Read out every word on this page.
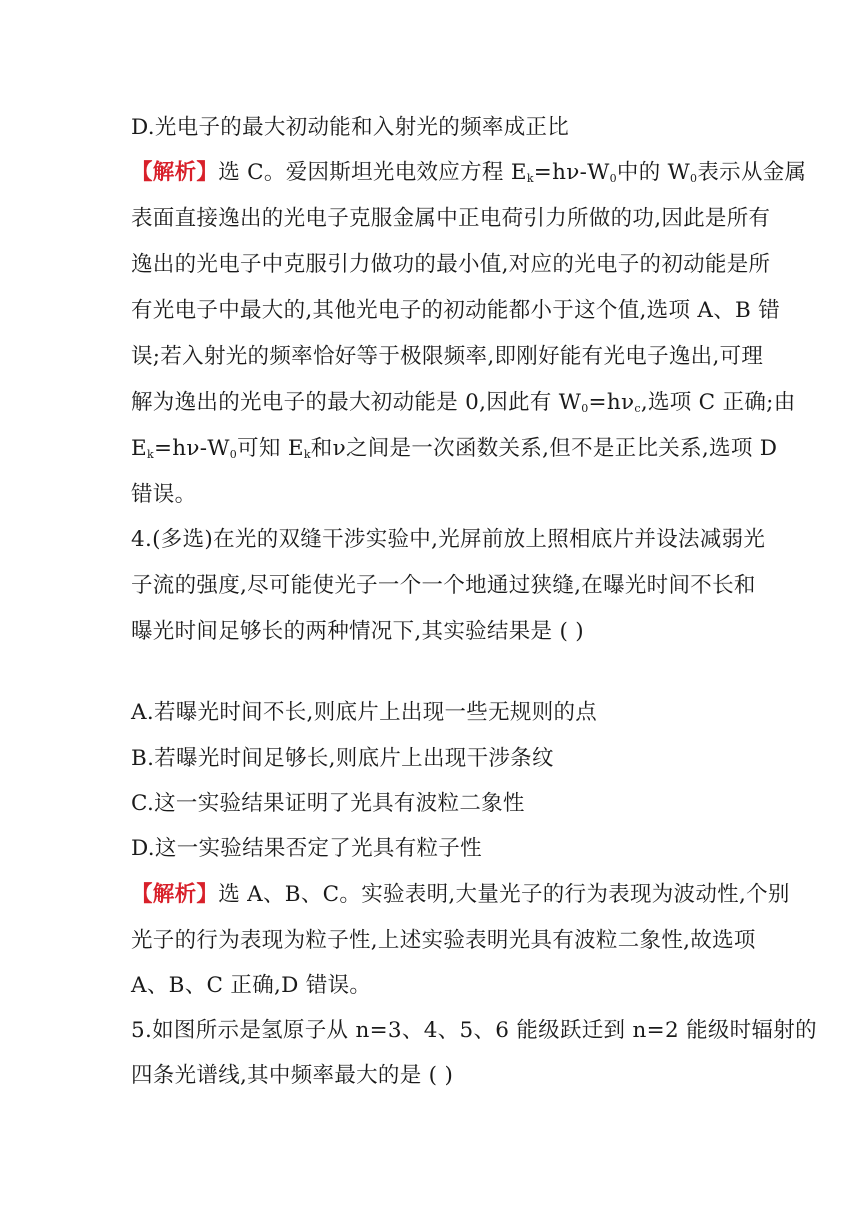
D.光电子的最大初动能和入射光的频率成正比
【解析】选 C。爱因斯坦光电效应方程 $E_k=h\nu-W_0$中的 $W_0$表示从金属
表面直接逸出的光电子克服金属中正电荷引力所做的功,因此是所有
逸出的光电子中克服引力做功的最小值,对应的光电子的初动能是所
有光电子中最大的,其他光电子的初动能都小于这个值,选项 A、B 错
误;若入射光的频率恰好等于极限频率,即刚好能有光电子逸出,可理
解为逸出的光电子的最大初动能是 0,因此有 $W_0=h\nu_c$,选项 C 正确;由
$E_k=h\nu-W_0$可知 $E_k$和ν之间是一次函数关系,但不是正比关系,选项 D
错误。
4.(多选)在光的双缝干涉实验中,光屏前放上照相底片并设法减弱光
子流的强度,尽可能使光子一个一个地通过狭缝,在曝光时间不长和
曝光时间足够长的两种情况下,其实验结果是 ( )
A.若曝光时间不长,则底片上出现一些无规则的点
B.若曝光时间足够长,则底片上出现干涉条纹
C.这一实验结果证明了光具有波粒二象性
D.这一实验结果否定了光具有粒子性
【解析】选 A、B、C。实验表明,大量光子的行为表现为波动性,个别
光子的行为表现为粒子性,上述实验表明光具有波粒二象性,故选项
A、B、C 正确,D 错误。
5.如图所示是氢原子从 n=3、4、5、6 能级跃迁到 n=2 能级时辐射的
四条光谱线,其中频率最大的是 ( )
